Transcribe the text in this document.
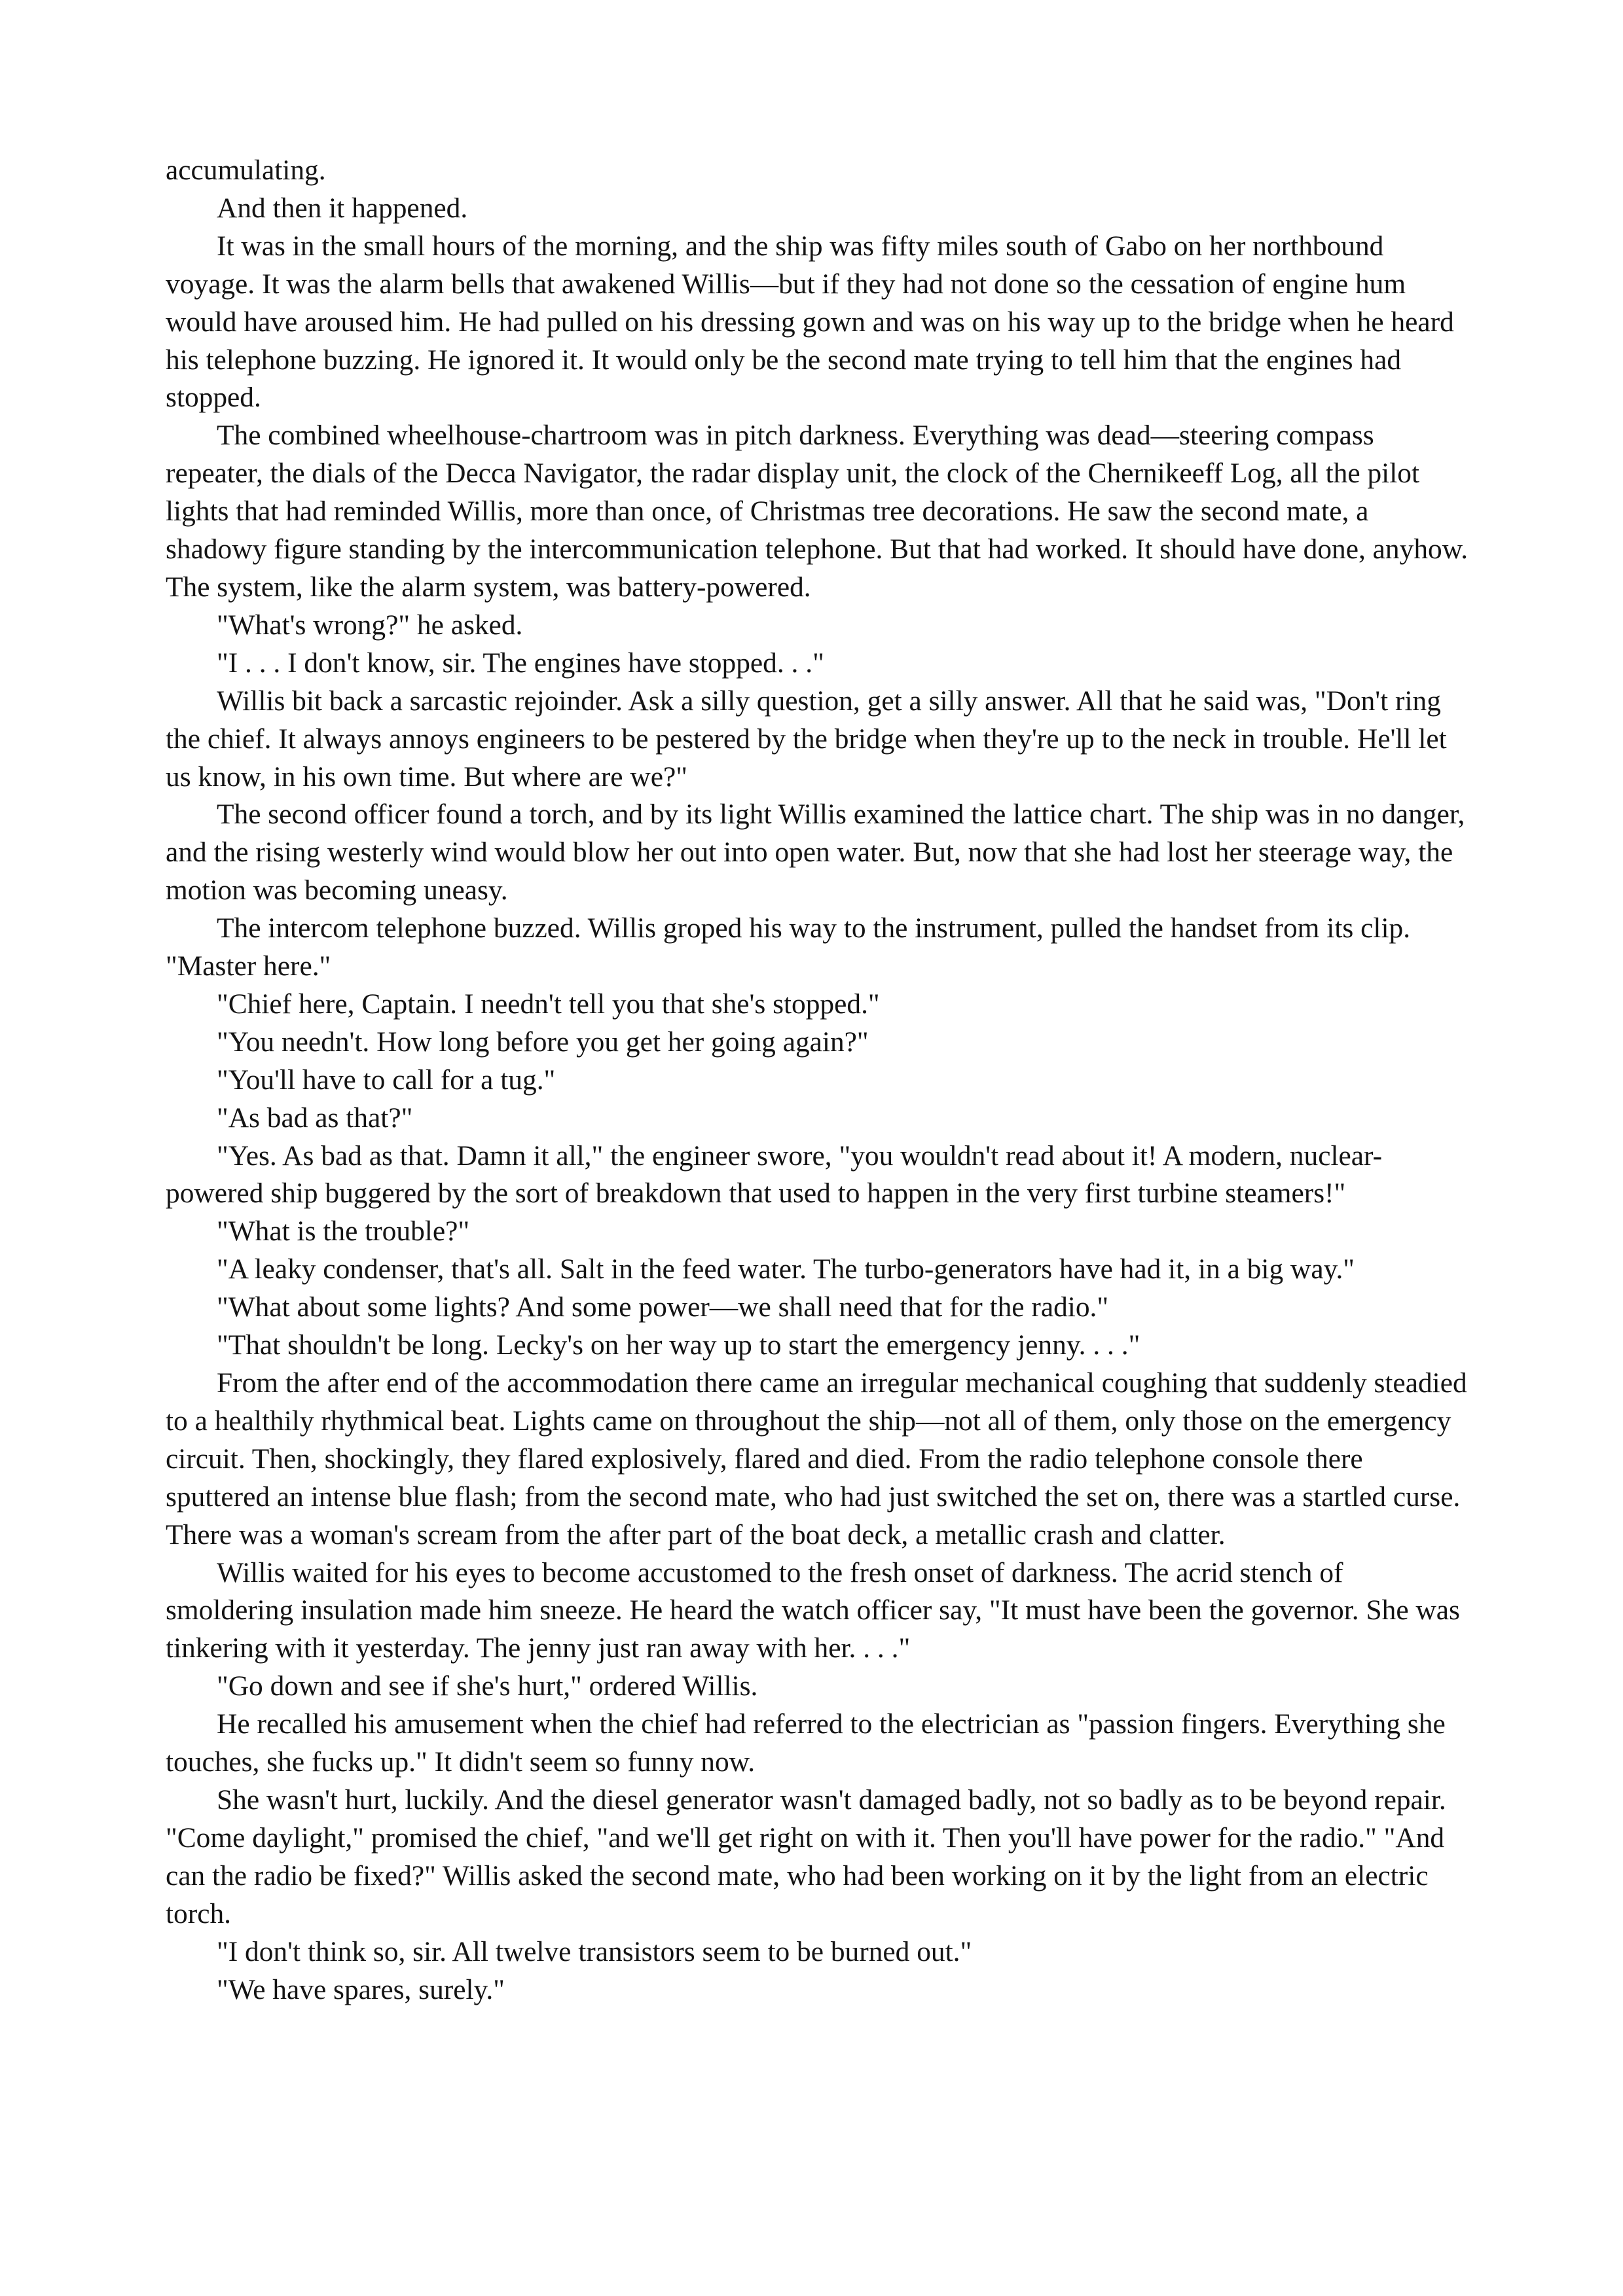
accumulating.

And then it happened.

It was in the small hours of the morning, and the ship was fifty miles south of Gabo on her northbound voyage. It was the alarm bells that awakened Willis—but if they had not done so the cessation of engine hum would have aroused him. He had pulled on his dressing gown and was on his way up to the bridge when he heard his telephone buzzing. He ignored it. It would only be the second mate trying to tell him that the engines had stopped.

The combined wheelhouse-chartroom was in pitch darkness. Everything was dead—steering compass repeater, the dials of the Decca Navigator, the radar display unit, the clock of the Chernikeeff Log, all the pilot lights that had reminded Willis, more than once, of Christmas tree decorations. He saw the second mate, a shadowy figure standing by the intercommunication telephone. But that had worked. It should have done, anyhow. The system, like the alarm system, was battery-powered.

"What's wrong?" he asked.

"I . . . I don't know, sir. The engines have stopped. . ."

Willis bit back a sarcastic rejoinder. Ask a silly question, get a silly answer. All that he said was, "Don't ring the chief. It always annoys engineers to be pestered by the bridge when they're up to the neck in trouble. He'll let us know, in his own time. But where are we?"

The second officer found a torch, and by its light Willis examined the lattice chart. The ship was in no danger, and the rising westerly wind would blow her out into open water. But, now that she had lost her steerage way, the motion was becoming uneasy.

The intercom telephone buzzed. Willis groped his way to the instrument, pulled the handset from its clip. "Master here."

"Chief here, Captain. I needn't tell you that she's stopped."

"You needn't. How long before you get her going again?"

"You'll have to call for a tug."

"As bad as that?"

"Yes. As bad as that. Damn it all," the engineer swore, "you wouldn't read about it! A modern, nuclear-powered ship buggered by the sort of breakdown that used to happen in the very first turbine steamers!"

"What is the trouble?"

"A leaky condenser, that's all. Salt in the feed water. The turbo-generators have had it, in a big way."

"What about some lights? And some power—we shall need that for the radio."

"That shouldn't be long. Lecky's on her way up to start the emergency jenny. . . ."

From the after end of the accommodation there came an irregular mechanical coughing that suddenly steadied to a healthily rhythmical beat. Lights came on throughout the ship—not all of them, only those on the emergency circuit. Then, shockingly, they flared explosively, flared and died. From the radio telephone console there sputtered an intense blue flash; from the second mate, who had just switched the set on, there was a startled curse. There was a woman's scream from the after part of the boat deck, a metallic crash and clatter.

Willis waited for his eyes to become accustomed to the fresh onset of darkness. The acrid stench of smoldering insulation made him sneeze. He heard the watch officer say, "It must have been the governor. She was tinkering with it yesterday. The jenny just ran away with her. . . ."

"Go down and see if she's hurt," ordered Willis.

He recalled his amusement when the chief had referred to the electrician as "passion fingers. Everything she touches, she fucks up." It didn't seem so funny now.

She wasn't hurt, luckily. And the diesel generator wasn't damaged badly, not so badly as to be beyond repair. "Come daylight," promised the chief, "and we'll get right on with it. Then you'll have power for the radio." "And can the radio be fixed?" Willis asked the second mate, who had been working on it by the light from an electric torch.

"I don't think so, sir. All twelve transistors seem to be burned out."

"We have spares, surely."
